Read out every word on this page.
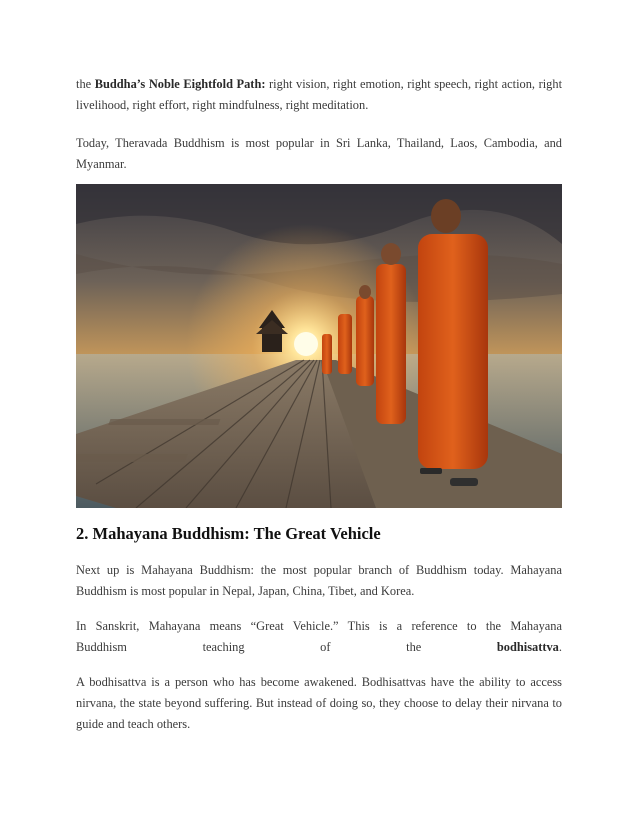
the Buddha’s Noble Eightfold Path: right vision, right emotion, right speech, right action, right livelihood, right effort, right mindfulness, right meditation.

Today, Theravada Buddhism is most popular in Sri Lanka, Thailand, Laos, Cambodia, and Myanmar.

2. Mahayana Buddhism: The Great Vehicle

Next up is Mahayana Buddhism: the most popular branch of Buddhism today. Mahayana Buddhism is most popular in Nepal, Japan, China, Tibet, and Korea.

In Sanskrit, Mahayana means “Great Vehicle.” This is a reference to the Mahayana
Buddhism teaching of the bodhisattva.

A bodhisattva is a person who has become awakened. Bodhisattvas have the ability to access nirvana, the state beyond suffering. But instead of doing so, they choose to delay their nirvana to guide and teach others.
